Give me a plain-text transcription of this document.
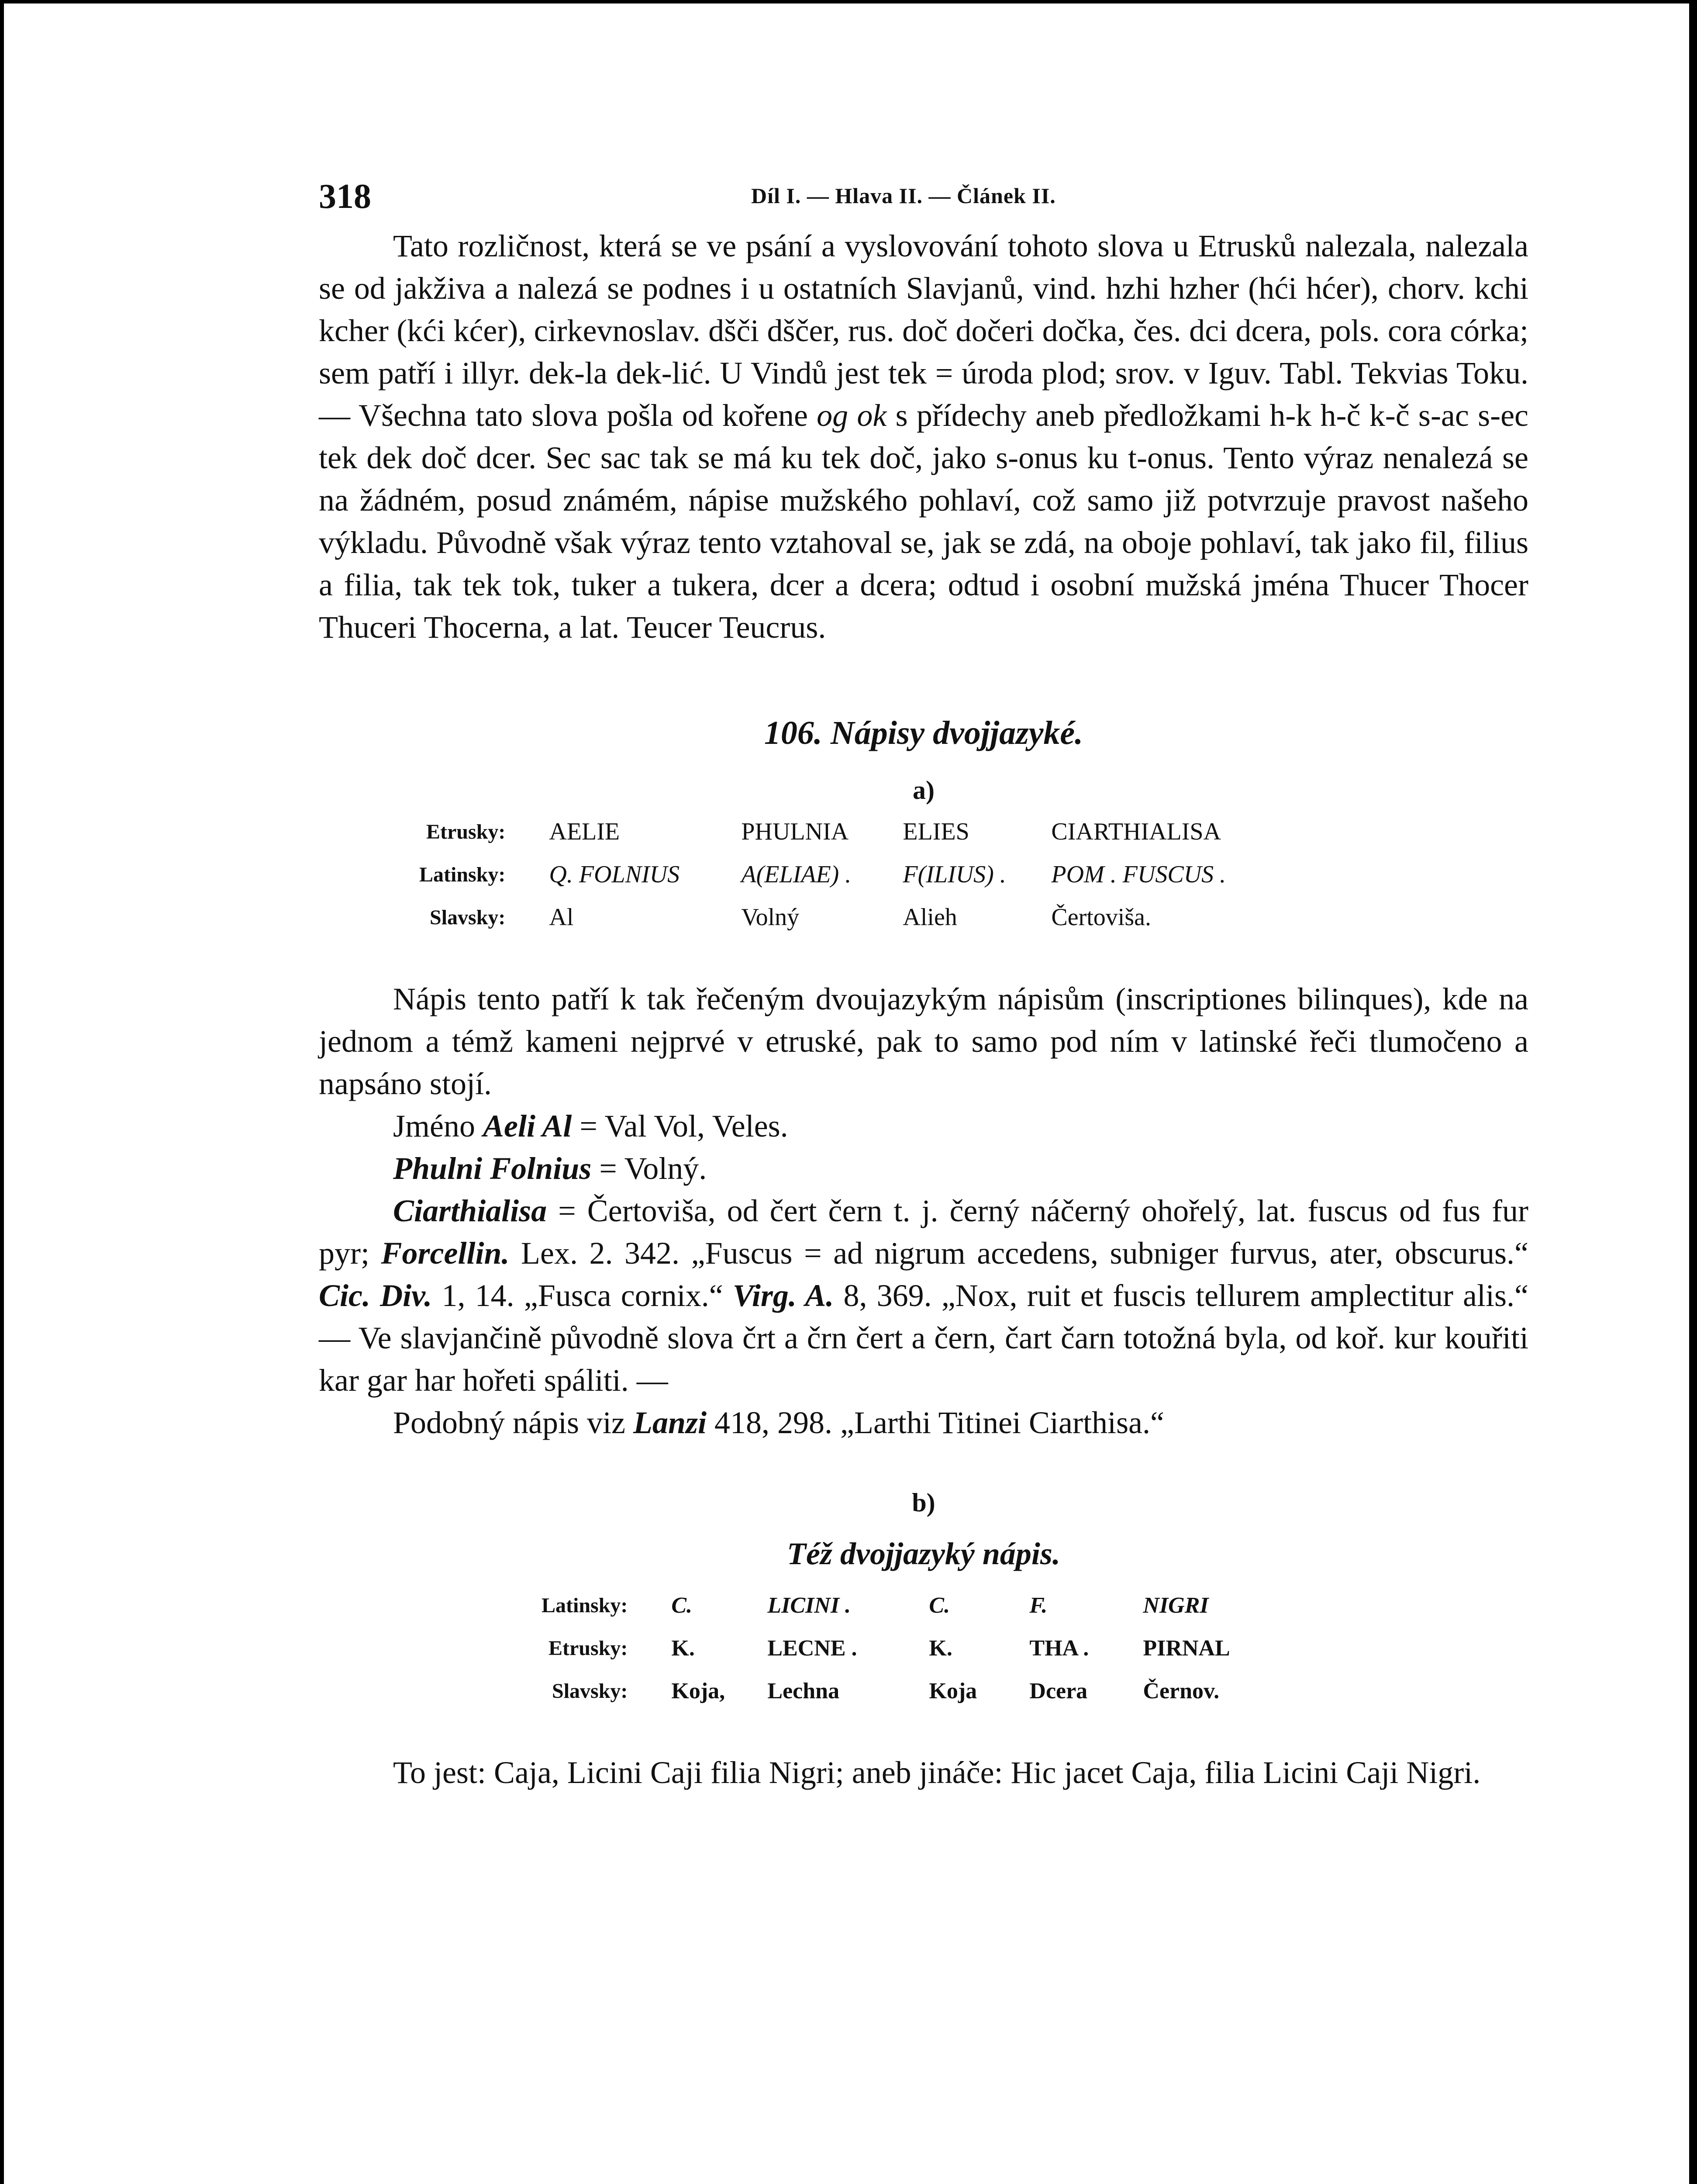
318	Díl I. — Hlava II. — Článek II.

Tato rozličnost, která se ve psání a vyslovování tohoto slova u Etrusků nalezala, nalezala se od jakživa a nalezá se podnes i u ostatních Slavjanů, vind. hzhi hzher (hći hćer), chorv. kchi kcher (kći kćer), cirkevnoslav. dšči dščer, rus. doč dočeri dočka, čes. dci dcera, pols. cora córka; sem patří i illyr. dek-la dek-lić. U Vindů jest tek = úroda plod; srov. v Iguv. Tabl. Tekvias Toku. — Všechna tato slova pošla od kořene og ok s přídechy aneb předložkami h-k h-č k-č s-ac s-ec tek dek doč dcer. Sec sac tak se má ku tek doč, jako s-onus ku t-onus. Tento výraz nenalezá se na žádném, posud známém, nápise mužského pohlaví, což samo již potvrzuje pravost našeho výkladu. Původně však výraz tento vztahoval se, jak se zdá, na oboje pohlaví, tak jako fil, filius a filia, tak tek tok, tuker a tukera, dcer a dcera; odtud i osobní mužská jména Thucer Thocer Thuceri Thocerna, a lat. Teucer Teucrus.

106. Nápisy dvojjazyké.
a)
Etrusky:	AELIE	PHULNIA	ELIES	CIARTHIALISA
Latinsky:	Q. FOLNIUS	A(ELIAE) .	F(ILIUS) .	POM . FUSCUS .
Slavsky:	Al	Volný	Alieh	Čertoviša.

Nápis tento patří k tak řečeným dvoujazykým nápisům (inscriptiones bilinques), kde na jednom a témž kameni nejprvé v etruské, pak to samo pod ním v latinské řeči tlumočeno a napsáno stojí.

Jméno Aeli Al = Val Vol, Veles.

Phulni Folnius = Volný.

Ciarthialisa = Čertoviša, od čert čern t. j. černý náčerný ohořelý, lat. fuscus od fus fur pyr; Forcellin. Lex. 2. 342. „Fuscus = ad nigrum accedens, subniger furvus, ater, obscurus.“ Cic. Div. 1, 14. „Fusca cornix.“ Virg. A. 8, 369. „Nox, ruit et fuscis tellurem amplectitur alis.“ — Ve slavjančině původně slova črt a črn čert a čern, čart čarn totožná byla, od koř. kur kouřiti kar gar har hořeti spáliti. —

Podobný nápis viz Lanzi 418, 298. „Larthi Titinei Ciarthisa.“

b)
Též dvojjazyký nápis.
Latinsky:	C.	LICINI .	C.	F.	NIGRI
Etrusky:	K.	LECNE .	K.	THA .	PIRNAL
Slavsky:	Koja,	Lechna	Koja	Dcera	Černov.

To jest: Caja, Licini Caji filia Nigri; aneb jináče: Hic jacet Caja, filia Licini Caji Nigri.
